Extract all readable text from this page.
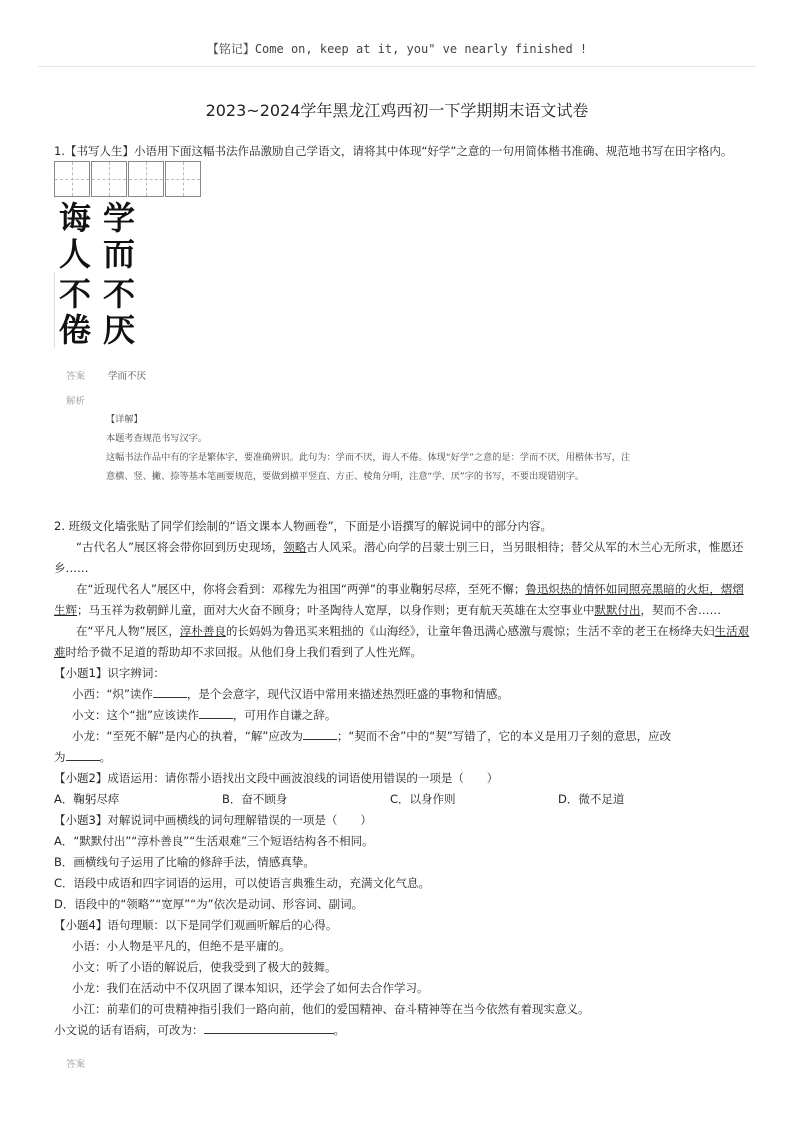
【铭记】Come on, keep at it, you" ve nearly finished !
2023~2024学年黑龙江鸡西初一下学期期末语文试卷
1.【书写人生】小语用下面这幅书法作品激励自己学语文，请将其中体现“好学”之意的一句用简体楷书准确、规范地书写在田字格内。
学
而
不
厌
诲
人
不
倦
答案 学而不厌
解析
【详解】
本题考查规范书写汉字。
这幅书法作品中有的字是繁体字，要准确辨识。此句为：学而不厌，诲人不倦。体现“好学”之意的是：学而不厌，用楷体书写，注
意横、竖、撇、捺等基本笔画要规范，要做到横平竖直、方正、棱角分明，注意“学、厌”字的书写，不要出现错别字。
2. 班级文化墙张贴了同学们绘制的“语文课本人物画卷”，下面是小语撰写的解说词中的部分内容。
“古代名人”展区将会带你回到历史现场，领略古人风采。潜心向学的吕蒙士别三日，当另眼相待；替父从军的木兰心无所求，惟愿还
乡……
在“近现代名人”展区中，你将会看到：邓稼先为祖国“两弹”的事业鞠躬尽瘁，至死不懈；鲁迅炽热的情怀如同照亮黑暗的火炬，熠熠
生辉；马玉祥为救朝鲜儿童，面对大火奋不顾身；叶圣陶待人宽厚，以身作则；更有航天英雄在太空事业中默默付出，契而不舍……
在“平凡人物”展区，淳朴善良的长妈妈为鲁迅买来粗拙的《山海经》，让童年鲁迅满心感激与震惊；生活不幸的老王在杨绛夫妇生活艰
难时给予微不足道的帮助却不求回报。从他们身上我们看到了人性光辉。
【小题1】识字辨词：
小西：“炽”读作	，是个会意字，现代汉语中常用来描述热烈旺盛的事物和情感。
小文：这个“拙”应该读作	，可用作自谦之辞。
小龙：“至死不解”是内心的执着，“解”应改为	；“契而不舍”中的“契”写错了，它的本义是用刀子刻的意思，应改
为	。
【小题2】成语运用：请你帮小语找出文段中画波浪线的词语使用错误的一项是（　　）
A．鞠躬尽瘁	B．奋不顾身	C．以身作则	D．微不足道
【小题3】对解说词中画横线的词句理解错误的一项是（　　）
A．“默默付出”“淳朴善良”“生活艰难”三个短语结构各不相同。
B．画横线句子运用了比喻的修辞手法，情感真挚。
C．语段中成语和四字词语的运用，可以使语言典雅生动，充满文化气息。
D．语段中的“领略”“宽厚”“为”依次是动词、形容词、副词。
【小题4】语句理顺：以下是同学们观画听解后的心得。
小语：小人物是平凡的，但绝不是平庸的。
小文：听了小语的解说后，使我受到了极大的鼓舞。
小龙：我们在活动中不仅巩固了课本知识，还学会了如何去合作学习。
小江：前辈们的可贵精神指引我们一路向前，他们的爱国精神、奋斗精神等在当今依然有着现实意义。
小文说的话有语病，可改为：	。
答案
